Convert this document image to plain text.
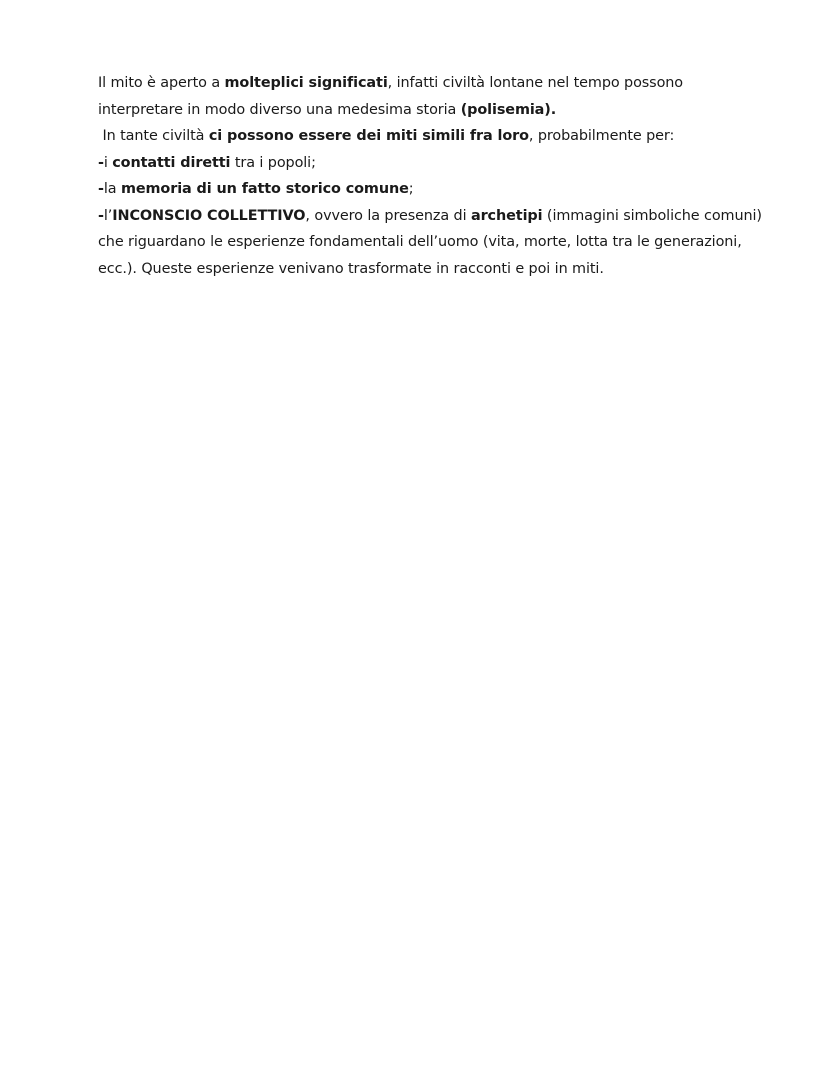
Il mito è aperto a molteplici significati, infatti civiltà lontane nel tempo possono
interpretare in modo diverso una medesima storia (polisemia).
In tante civiltà ci possono essere dei miti simili fra loro, probabilmente per:
-i contatti diretti tra i popoli;
-la memoria di un fatto storico comune;
-l’INCONSCIO COLLETTIVO, ovvero la presenza di archetipi (immagini simboliche comuni)
che riguardano le esperienze fondamentali dell’uomo (vita, morte, lotta tra le generazioni,
ecc.). Queste esperienze venivano trasformate in racconti e poi in miti.
